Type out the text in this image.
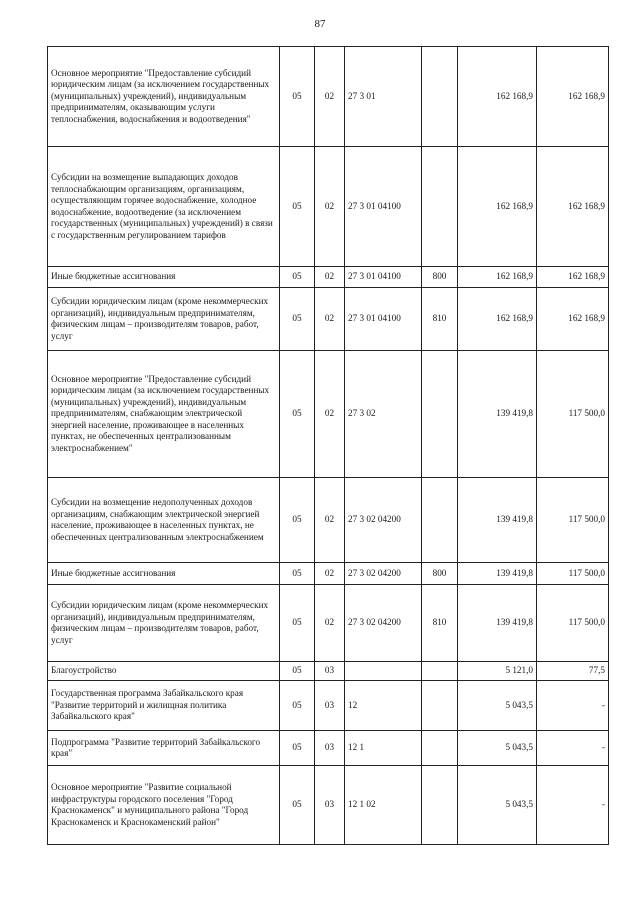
87
Основное мероприятие "Предоставление субсидий юридическим лицам (за исключением государственных (муниципальных) учреждений), индивидуальным предпринимателям, оказывающим услуги теплоснабжения, водоснабжения и водоотведения"	05	02	27 3 01		162 168,9	162 168,9
Субсидии на возмещение выпадающих доходов теплоснабжающим организациям, организациям, осуществляющим горячее водоснабжение, холодное водоснабжение, водоотведение (за исключением государственных (муниципальных) учреждений) в связи с государственным регулированием тарифов	05	02	27 3 01 04100		162 168,9	162 168,9
Иные бюджетные ассигнования	05	02	27 3 01 04100	800	162 168,9	162 168,9
Субсидии юридическим лицам (кроме некоммерческих организаций), индивидуальным предпринимателям, физическим лицам – производителям товаров, работ, услуг	05	02	27 3 01 04100	810	162 168,9	162 168,9
Основное мероприятие "Предоставление субсидий юридическим лицам (за исключением государственных (муниципальных) учреждений), индивидуальным предпринимателям, снабжающим электрической энергией население, проживающее в населенных пунктах, не обеспеченных централизованным электроснабжением"	05	02	27 3 02		139 419,8	117 500,0
Субсидии на возмещение недополученных доходов организациям, снабжающим электрической энергией население, проживающее в населенных пунктах, не обеспеченных централизованным электроснабжением	05	02	27 3 02 04200		139 419,8	117 500,0
Иные бюджетные ассигнования	05	02	27 3 02 04200	800	139 419,8	117 500,0
Субсидии юридическим лицам (кроме некоммерческих организаций), индивидуальным предпринимателям, физическим лицам – производителям товаров, работ, услуг	05	02	27 3 02 04200	810	139 419,8	117 500,0
Благоустройство	05	03			5 121,0	77,5
Государственная программа Забайкальского края "Развитие территорий и жилищная политика Забайкальского края"	05	03	12		5 043,5	-
Подпрограмма "Развитие территорий Забайкальского края"	05	03	12 1		5 043,5	-
Основное мероприятие "Развитие социальной инфраструктуры городского поселения "Город Краснокаменск" и муниципального района "Город Краснокаменск и Краснокаменский район"	05	03	12 1 02		5 043,5	-
